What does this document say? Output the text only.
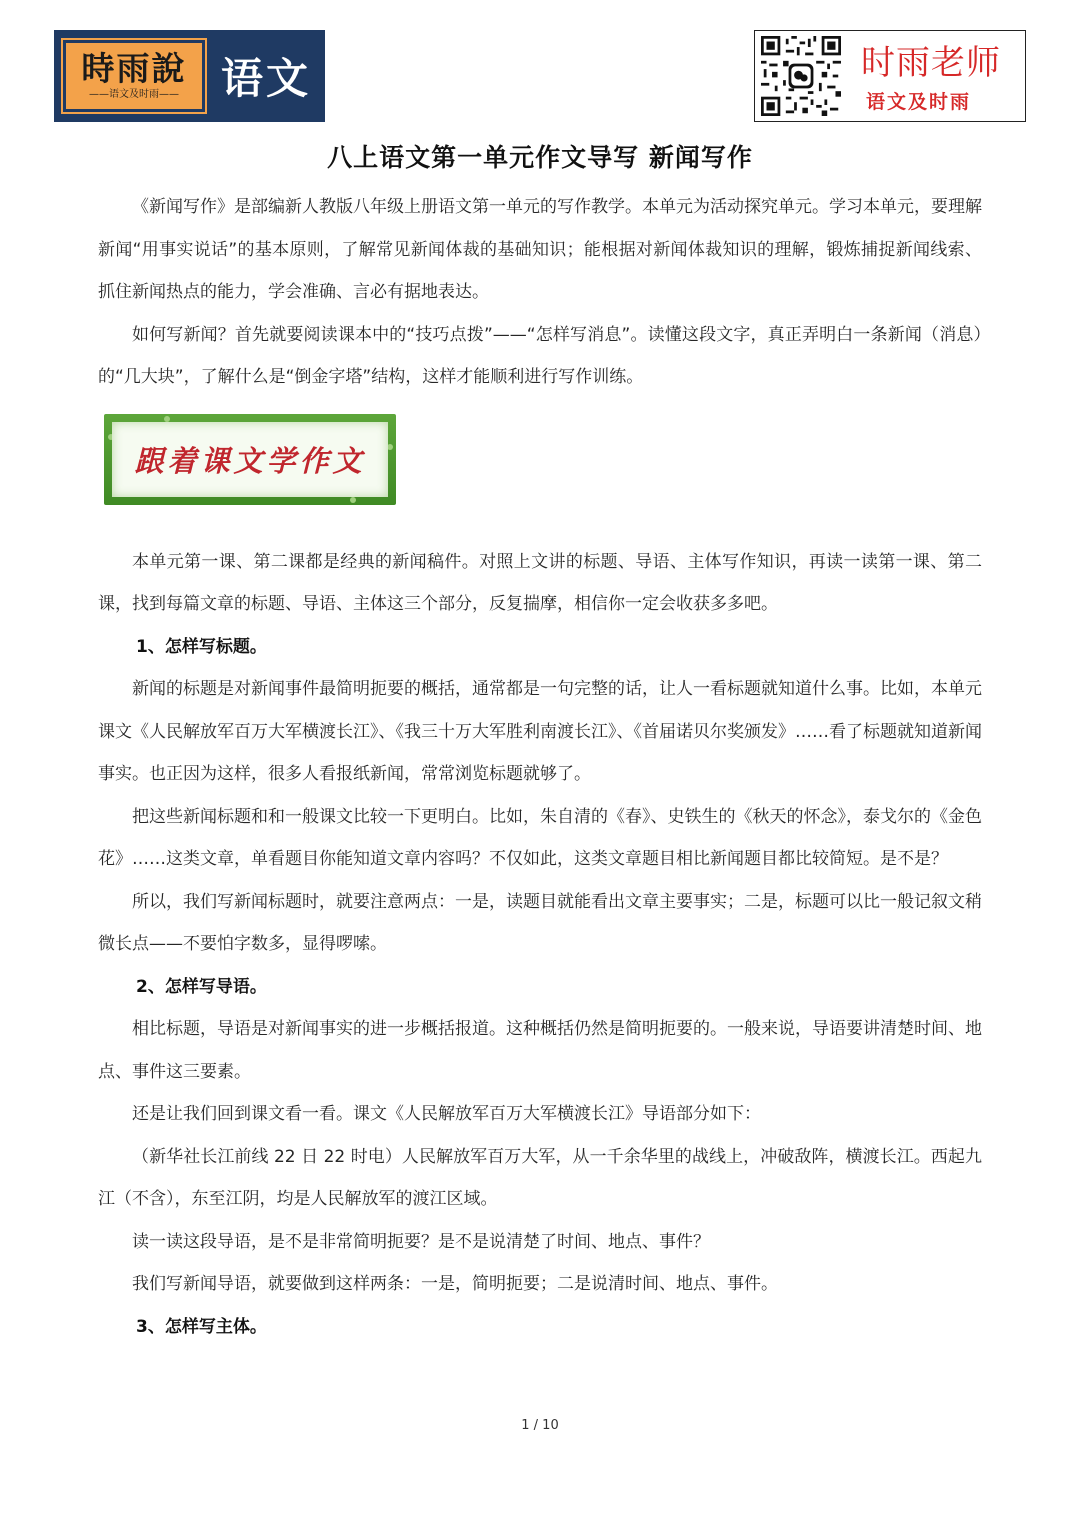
時雨說
——语文及时雨—— 语文	时雨老师
语文及时雨
八上语文第一单元作文导写 新闻写作

《新闻写作》是部编新人教版八年级上册语文第一单元的写作教学。本单元为活动探究单元。学习本单元，要理解新闻“用事实说话”的基本原则，了解常见新闻体裁的基础知识；能根据对新闻体裁知识的理解，锻炼捕捉新闻线索、抓住新闻热点的能力，学会准确、言必有据地表达。

如何写新闻？首先就要阅读课本中的“技巧点拨”——“怎样写消息”。读懂这段文字，真正弄明白一条新闻（消息）的“几大块”，了解什么是“倒金字塔”结构，这样才能顺利进行写作训练。

跟着课文学作文

本单元第一课、第二课都是经典的新闻稿件。对照上文讲的标题、导语、主体写作知识，再读一读第一课、第二课，找到每篇文章的标题、导语、主体这三个部分，反复揣摩，相信你一定会收获多多吧。

1、怎样写标题。

新闻的标题是对新闻事件最简明扼要的概括，通常都是一句完整的话，让人一看标题就知道什么事。比如，本单元课文《人民解放军百万大军横渡长江》、《我三十万大军胜利南渡长江》、《首届诺贝尔奖颁发》……看了标题就知道新闻事实。也正因为这样，很多人看报纸新闻，常常浏览标题就够了。

把这些新闻标题和和一般课文比较一下更明白。比如，朱自清的《春》、史铁生的《秋天的怀念》，泰戈尔的《金色花》……这类文章，单看题目你能知道文章内容吗？不仅如此，这类文章题目相比新闻题目都比较简短。是不是？

所以，我们写新闻标题时，就要注意两点：一是，读题目就能看出文章主要事实；二是，标题可以比一般记叙文稍微长点——不要怕字数多，显得啰嗦。

2、怎样写导语。

相比标题，导语是对新闻事实的进一步概括报道。这种概括仍然是简明扼要的。一般来说，导语要讲清楚时间、地点、事件这三要素。

还是让我们回到课文看一看。课文《人民解放军百万大军横渡长江》导语部分如下：

（新华社长江前线 22 日 22 时电）人民解放军百万大军，从一千余华里的战线上，冲破敌阵，横渡长江。西起九江（不含），东至江阴，均是人民解放军的渡江区域。

读一读这段导语，是不是非常简明扼要？是不是说清楚了时间、地点、事件？

我们写新闻导语，就要做到这样两条：一是，简明扼要；二是说清时间、地点、事件。

3、怎样写主体。

1 / 10
